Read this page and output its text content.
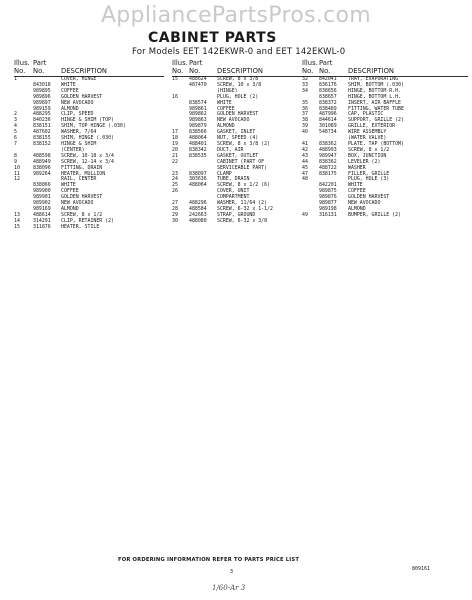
AppliancePartsPros.com
CABINET PARTS
For Models EET 142EKWR-0 and EET 142EKWL-0
Illus. Part
No. No. DESCRIPTION
1	COVER, HINGE
843018 WHITE
989895 COFFEE
989896 GOLDEN HARVEST
989897 NEW AVOCADO
989159 ALMOND
2	488295 CLIP, SPEED
3	840236 HINGE & SHIM (TOP)
4	838151 SHIM, TOP HINGE (.030)
5	487602 WASHER, 7/64
6	838155 SHIM, HINGE (.030)
7	838152 HINGE & SHIM
(CENTER)
8	488598 SCREW, 10-18 x 3/4
9	488949 SCREW, 12-14 x 3/4
10	838096 FITTING, DRAIN
11	989264 HEATER, MULLION
12	RAIL, CENTER
838066 WHITE
989900 COFFEE
989901 GOLDEN HARVEST
989902 NEW AVOCADO
989169 ALMOND
13	488614 SCREW, 8 x 1/2
14	314291 CLIP, RETAINER (2)
15	311876 HEATER, STILE
Illus. Part
No. No. DESCRIPTION
15 488624 SCREW, 8 x 3/8
487470 SCREW, 10 x 3/8
(HINGE)
16	PLUG, HOLE (2)
838574 WHITE
989861 COFFEE
989862 GOLDEN HARVEST
989863 NEW AVOCADO
989879 ALMOND
17 838566 GASKET, INLET
18 488064 NUT, SPEED (4)
19 488401 SCREW, 8 x 3/8 (2)
20 838342 DUCT, AIR
21 838535 GASKET, OUTLET
22	CABINET (PART OF
SERVICEABLE PART)
23 838097 CLAMP
24 303636 TUBE, DRAIN
25 488064 SCREW, 8 x 1/2 (6)
26	COVER, UNIT
COMPARTMENT
27 488296 WASHER, 11/64 (2)
28 488584 SCREW, 6-32 x 1-1/2
29 242663 STRAP, GROUND
30 488080 SCREW, 6-32 x 3/8
Illus. Part
No. No.	DESCRIPTION
32 842041 TRAY, EVAPORATING
33 836176 SHIM, BOTTOM (.030)
34 838656 HINGE, BOTTOM R.H.
838657 HINGE, BOTTOM L.H.
35 838372 INSERT, AIR BAFFLE
36 838489 FITTING, WATER TUBE
37 487996 CAP, PLASTIC
38 844614 SUPPORT, GRILLE (2)
39 301089 GRILLE, EXTERIOR
40 548734 WIRE ASSEMBLY
(WATER VALVE)
41 838362 PLATE, TAP (BOTTOM)
42 488993 SCREW, 8 x 1/2
43 989947 BOX, JUNCTION
44 838362 LEVELER (2)
45 488722 WASHER
47 838175 FILLER, GRILLE
48	PLUG, HOLE (3)
842201 WHITE
989875 COFFEE
989876 GOLDEN HARVEST
989877 NEW AVOCADO
989198 ALMOND
49 316131 BUMPER, GRILLE (2)
FOR ORDERING INFORMATION REFER TO PARTS PRICE LIST
3	809161
1/60-Ar 3
